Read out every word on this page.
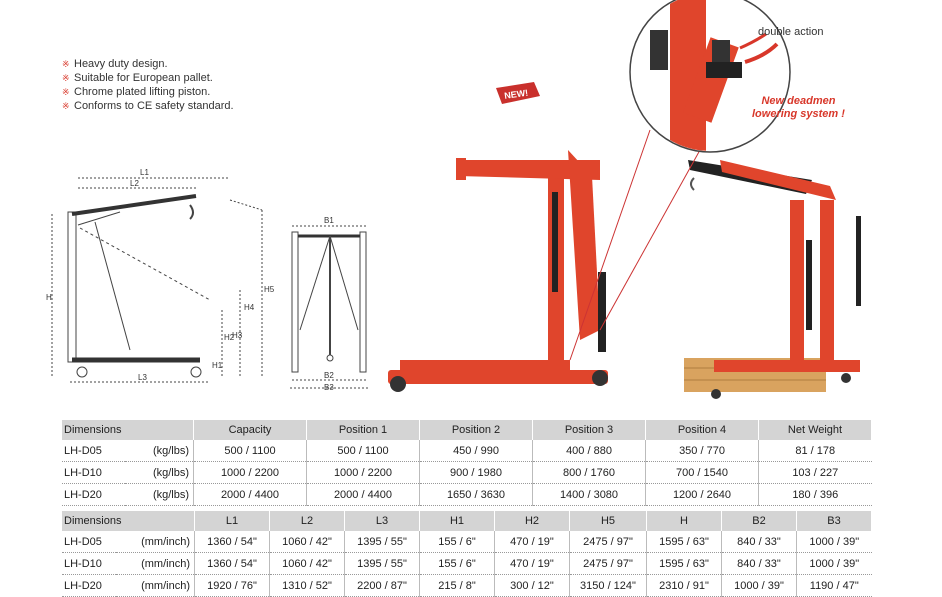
※ Heavy duty design.
※ Suitable for European pallet.
※ Chrome plated lifting piston.
※ Conforms to CE safety standard.
NEW!
L1
L2
L3
H
H5
H4
H3
H2
H1
B1
B2
B3
double action
New deadmen
lowering system !
Dimensions		Capacity	Position 1	Position 2	Position 3	Position 4	Net Weight
LH-D05	(kg/lbs)	500 / 1100	500 / 1100	450 / 990	400 / 880	350 / 770	81 / 178
LH-D10	(kg/lbs)	1000 / 2200	1000 / 2200	900 / 1980	800 / 1760	700 / 1540	103 / 227
LH-D20	(kg/lbs)	2000 / 4400	2000 / 4400	1650 / 3630	1400 / 3080	1200 / 2640	180 / 396
Dimensions		L1	L2	L3	H1	H2	H5	H	B2	B3
LH-D05	(mm/inch)	1360 / 54"	1060 / 42"	1395 / 55"	155 / 6"	470 / 19"	2475 / 97"	1595 / 63"	840 / 33"	1000 / 39"
LH-D10	(mm/inch)	1360 / 54"	1060 / 42"	1395 / 55"	155 / 6"	470 / 19"	2475 / 97"	1595 / 63"	840 / 33"	1000 / 39"
LH-D20	(mm/inch)	1920 / 76"	1310 / 52"	2200 / 87"	215 / 8"	300 / 12"	3150 / 124"	2310 / 91"	1000 / 39"	1190 / 47"
